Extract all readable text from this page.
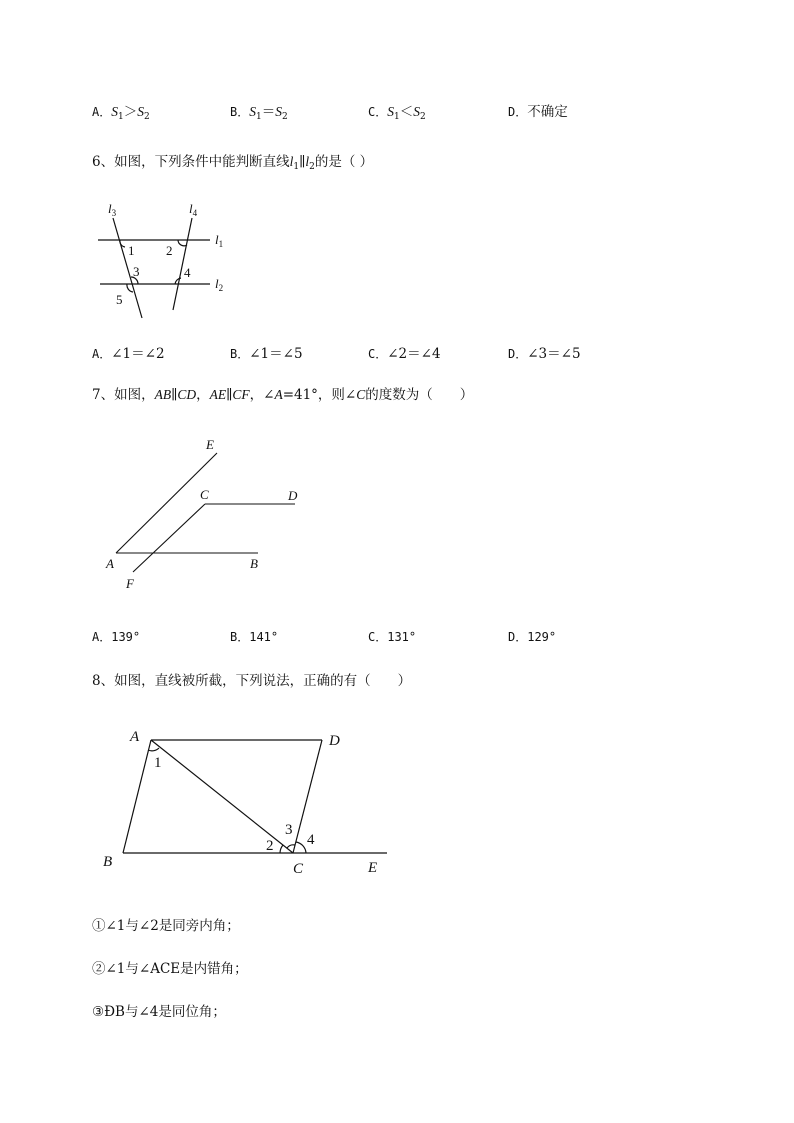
A．$S_1>S_2$	B．$S_1=S_2$	C．$S_1<S_2$	D．不确定
6、如图，下列条件中能判断直线$l_1\parallel l_2$的是（ ）
$l_3$	$l_4$
$l_1$
$l_2$
1 2
3	4
5
A．∠1＝∠2	B．∠1＝∠5	C．∠2＝∠4	D．∠3＝∠5
7、如图，AB∥CD，AE∥CF，∠A=41°，则∠C的度数为（　　）
E
C	D
A	B
F
A．139°	B．141°	C．131°	D．129°
8、如图，直线被所截，下列说法，正确的有（　　）
A	D
1
3
4
2
B	C	E
①∠1与∠2是同旁内角；
②∠1与∠ACE是内错角；
③ÐB与∠4是同位角；
